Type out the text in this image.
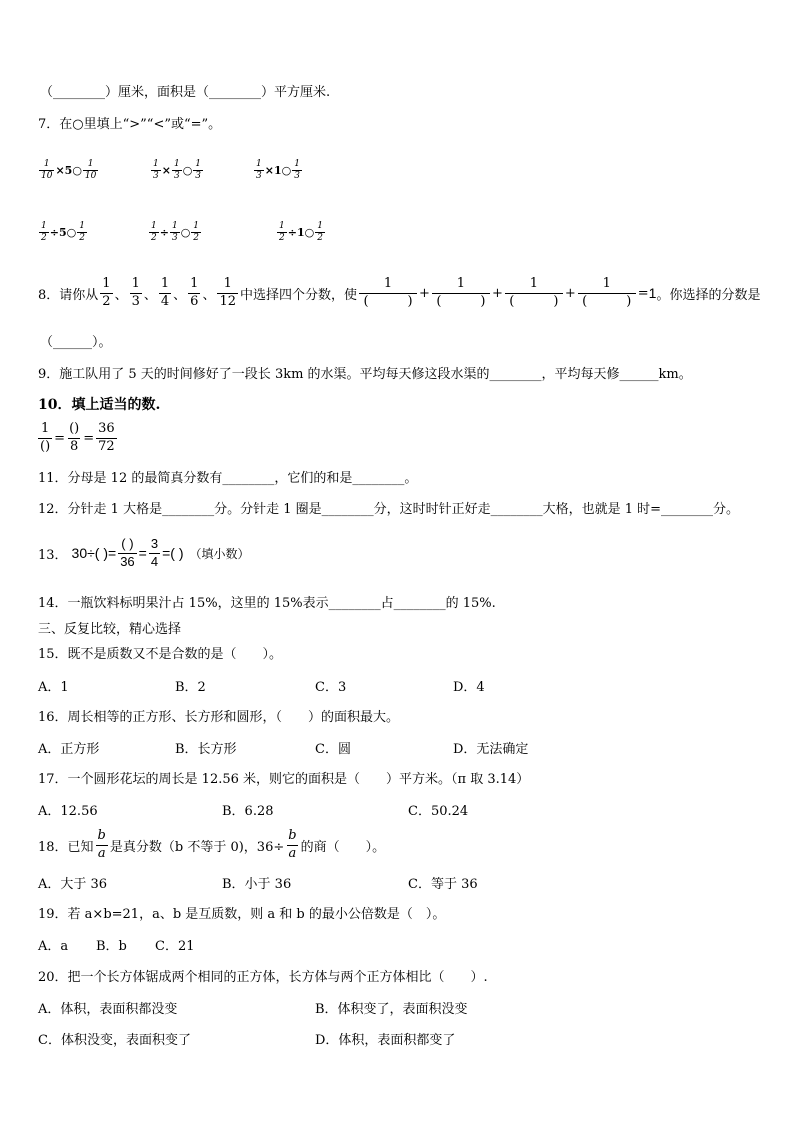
（________）厘米，面积是（________）平方厘米.
7．在○里填上“>”“<”或“=”。
$\frac{1}{10}$ ×5○ $\frac{1}{10}$	$\frac{1}{3} \times \frac{1}{3}$ ○ $\frac{1}{3}$	$\frac{1}{3}$ ×1○ $\frac{1}{3}$
$\frac{1}{2}$ ÷5○ $\frac{1}{2}$	$\frac{1}{2} \div \frac{1}{3}$ ○ $\frac{1}{2}$	$\frac{1}{2}$ ÷1○ $\frac{1}{2}$
8．请你从 $\frac{1}{2}$ 、 $\frac{1}{3}$ 、 $\frac{1}{4}$ 、 $\frac{1}{6}$ 、 $\frac{1}{12}$ 中选择四个分数，使 $\frac{1}{( )} + \frac{1}{( )} + \frac{1}{( )} + \frac{1}{( )} = 1$ 。你选择的分数是
（______）。
9．施工队用了 5 天的时间修好了一段长 3km 的水渠。平均每天修这段水渠的________，平均每天修______km。
10．填上适当的数.
$\frac{1}{()} = \frac{()}{8} = \frac{36}{72}$
11．分母是 12 的最简真分数有________，它们的和是________。
12．分针走 1 大格是________分。分针走 1 圈是________分，这时时针正好走________大格，也就是 1 时=________分。
13． 30÷( )= $\frac{( )}{36} = \frac{3}{4}$ =( ) （填小数）
14．一瓶饮料标明果汁占 15%，这里的 15%表示________占________的 15%.
三、反复比较，精心选择
15．既不是质数又不是合数的是（　　）。
A．1	B．2	C．3	D．4
16．周长相等的正方形、长方形和圆形，（　　）的面积最大。
A．正方形	B．长方形	C．圆	D．无法确定
17．一个圆形花坛的周长是 12.56 米，则它的面积是（　　）平方米。（π 取 3.14）
A．12.56	B．6.28	C．50.24
18．已知 $\frac{b}{a}$ 是真分数（b 不等于 0)，$36\div \frac{b}{a}$ 的商（　　）。
A．大于 36	B．小于 36	C．等于 36
19．若 a×b=21，a、b 是互质数，则 a 和 b 的最小公倍数是（　）。
A．a B．b C．21
20．把一个长方体锯成两个相同的正方体，长方体与两个正方体相比（　　）.
A．体积，表面积都没变	B．体积变了，表面积没变
C．体积没变，表面积变了	D．体积，表面积都变了
